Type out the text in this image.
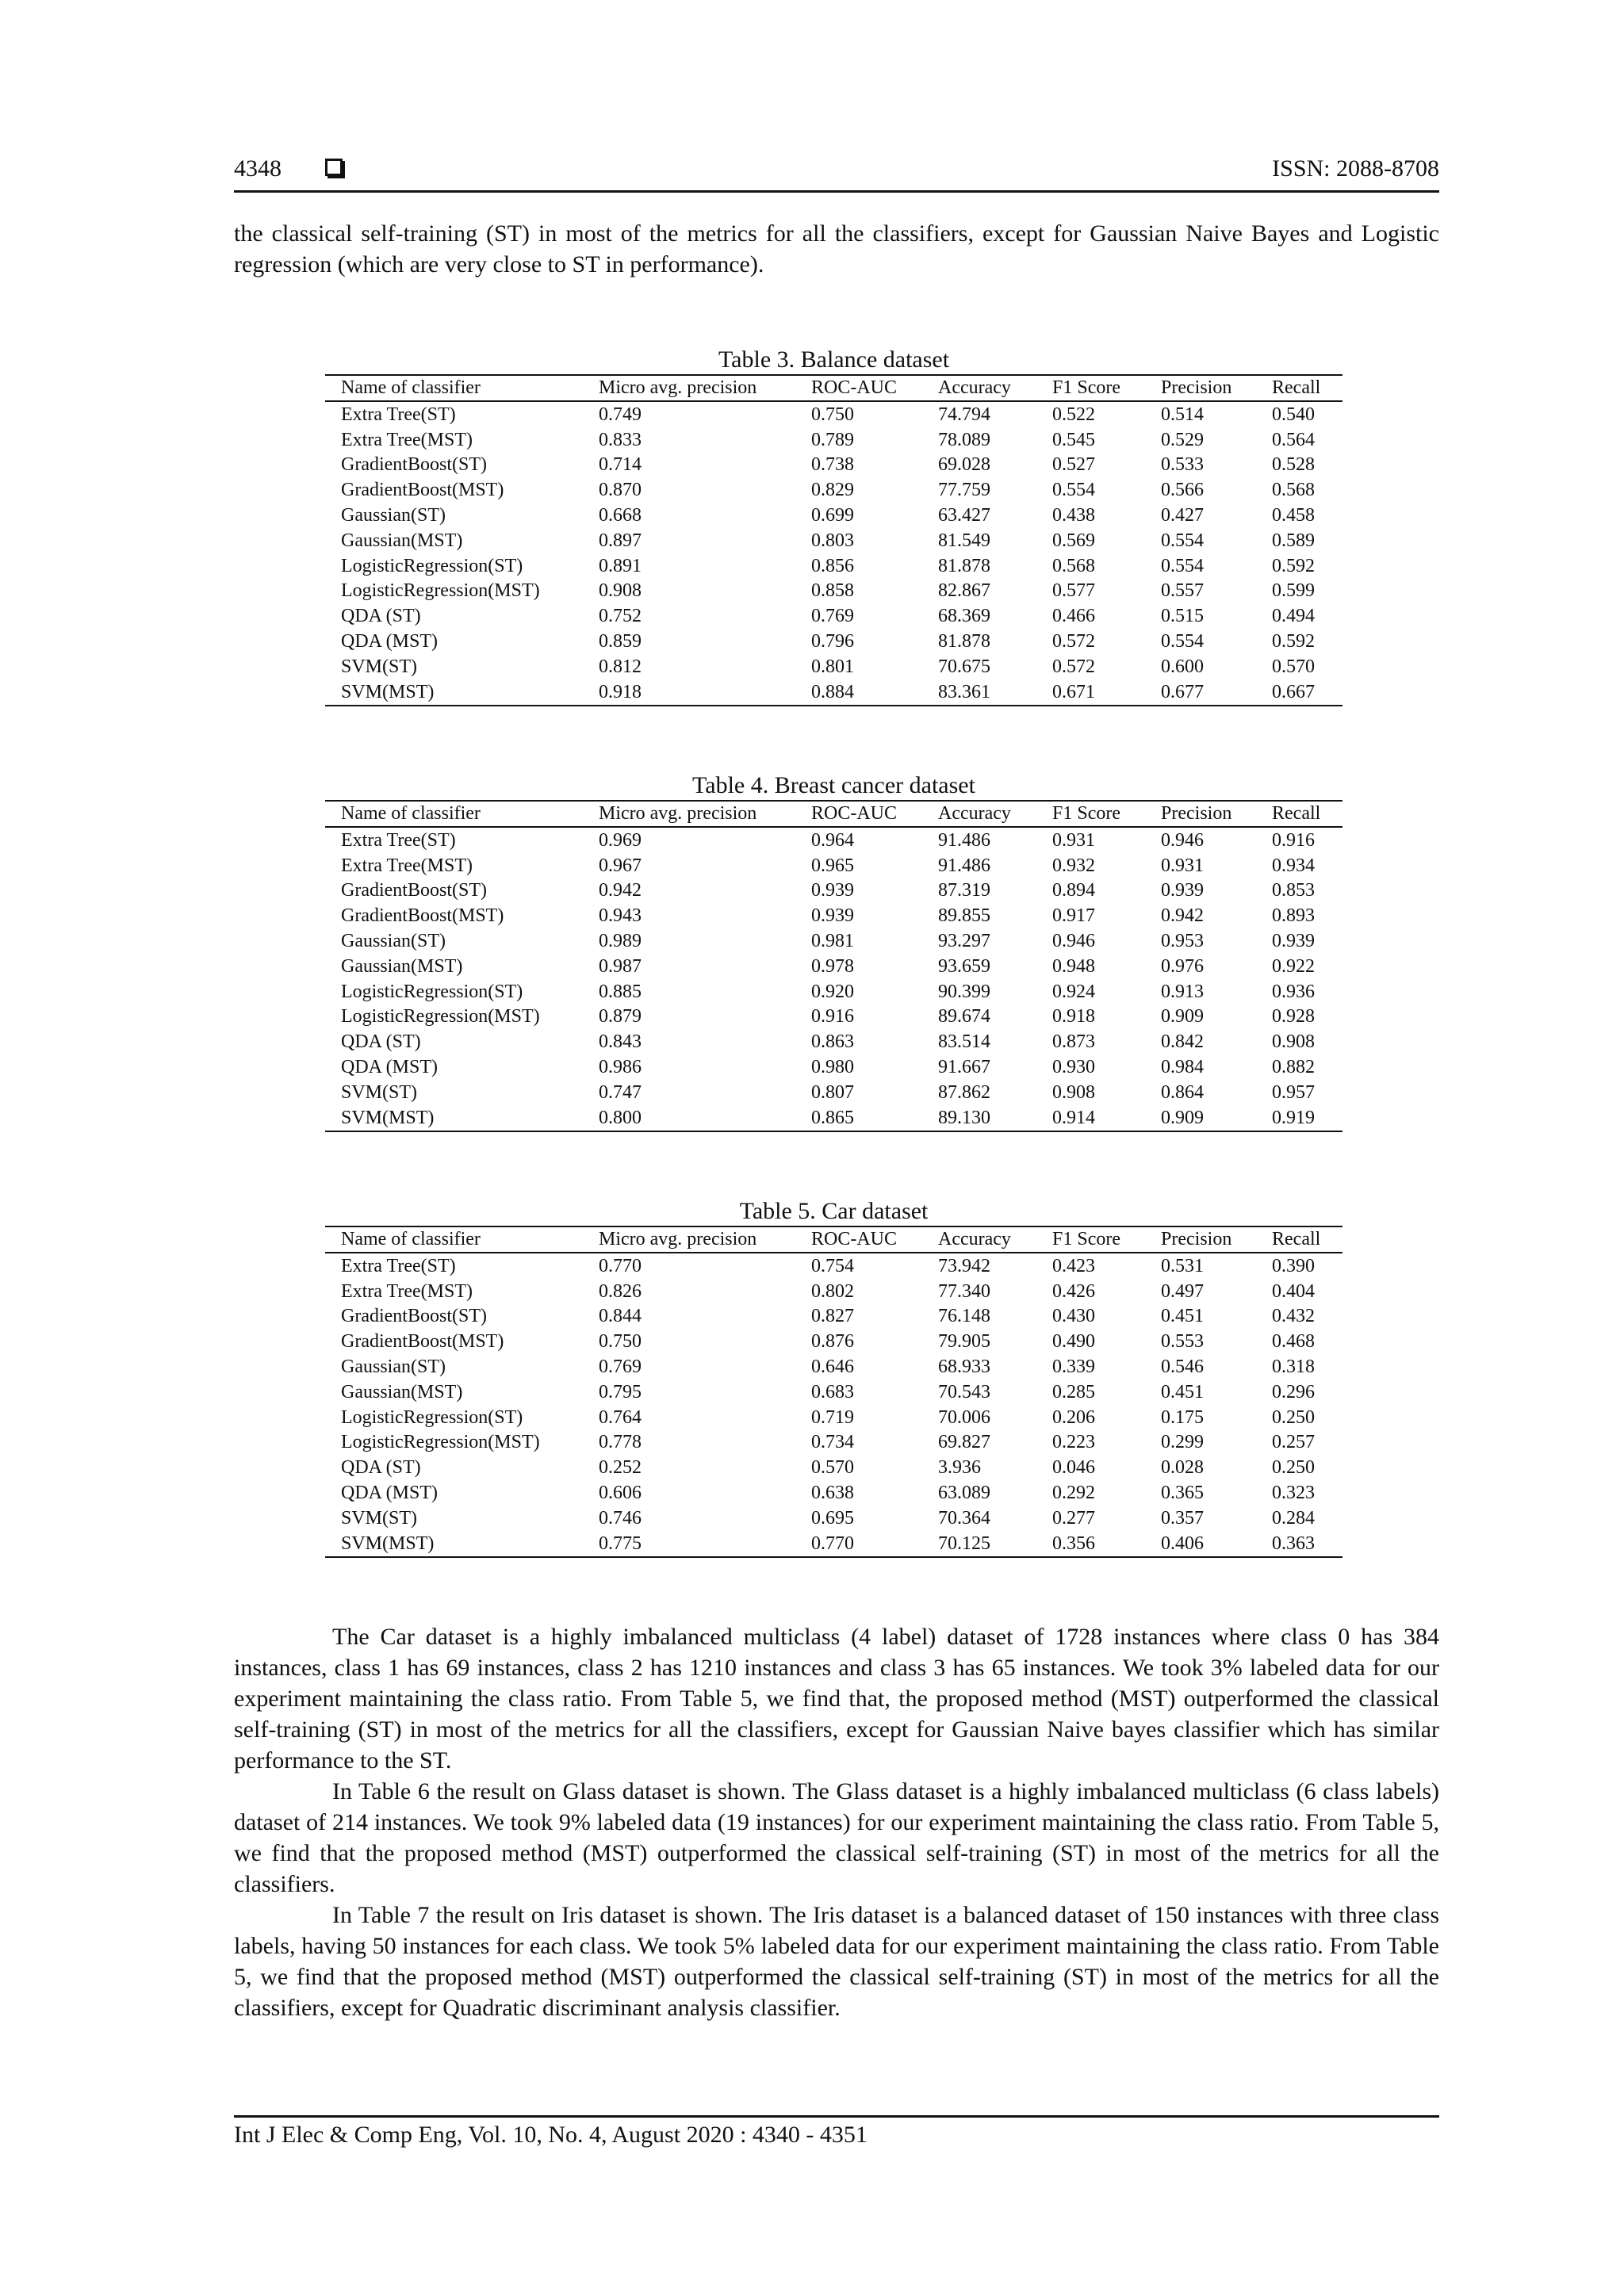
4348	ISSN: 2088-8708

the classical self-training (ST) in most of the metrics for all the classifiers, except for Gaussian Naive Bayes and Logistic regression (which are very close to ST in performance).

Table 3. Balance dataset
Name of classifier	Micro avg. precision	ROC-AUC	Accuracy	F1 Score	Precision	Recall
Extra Tree(ST)	0.749	0.750	74.794	0.522	0.514	0.540
Extra Tree(MST)	0.833	0.789	78.089	0.545	0.529	0.564
GradientBoost(ST)	0.714	0.738	69.028	0.527	0.533	0.528
GradientBoost(MST)	0.870	0.829	77.759	0.554	0.566	0.568
Gaussian(ST)	0.668	0.699	63.427	0.438	0.427	0.458
Gaussian(MST)	0.897	0.803	81.549	0.569	0.554	0.589
LogisticRegression(ST)	0.891	0.856	81.878	0.568	0.554	0.592
LogisticRegression(MST)	0.908	0.858	82.867	0.577	0.557	0.599
QDA (ST)	0.752	0.769	68.369	0.466	0.515	0.494
QDA (MST)	0.859	0.796	81.878	0.572	0.554	0.592
SVM(ST)	0.812	0.801	70.675	0.572	0.600	0.570
SVM(MST)	0.918	0.884	83.361	0.671	0.677	0.667
Table 4. Breast cancer dataset
Name of classifier	Micro avg. precision	ROC-AUC	Accuracy	F1 Score	Precision	Recall
Extra Tree(ST)	0.969	0.964	91.486	0.931	0.946	0.916
Extra Tree(MST)	0.967	0.965	91.486	0.932	0.931	0.934
GradientBoost(ST)	0.942	0.939	87.319	0.894	0.939	0.853
GradientBoost(MST)	0.943	0.939	89.855	0.917	0.942	0.893
Gaussian(ST)	0.989	0.981	93.297	0.946	0.953	0.939
Gaussian(MST)	0.987	0.978	93.659	0.948	0.976	0.922
LogisticRegression(ST)	0.885	0.920	90.399	0.924	0.913	0.936
LogisticRegression(MST)	0.879	0.916	89.674	0.918	0.909	0.928
QDA (ST)	0.843	0.863	83.514	0.873	0.842	0.908
QDA (MST)	0.986	0.980	91.667	0.930	0.984	0.882
SVM(ST)	0.747	0.807	87.862	0.908	0.864	0.957
SVM(MST)	0.800	0.865	89.130	0.914	0.909	0.919
Table 5. Car dataset
Name of classifier	Micro avg. precision	ROC-AUC	Accuracy	F1 Score	Precision	Recall
Extra Tree(ST)	0.770	0.754	73.942	0.423	0.531	0.390
Extra Tree(MST)	0.826	0.802	77.340	0.426	0.497	0.404
GradientBoost(ST)	0.844	0.827	76.148	0.430	0.451	0.432
GradientBoost(MST)	0.750	0.876	79.905	0.490	0.553	0.468
Gaussian(ST)	0.769	0.646	68.933	0.339	0.546	0.318
Gaussian(MST)	0.795	0.683	70.543	0.285	0.451	0.296
LogisticRegression(ST)	0.764	0.719	70.006	0.206	0.175	0.250
LogisticRegression(MST)	0.778	0.734	69.827	0.223	0.299	0.257
QDA (ST)	0.252	0.570	3.936	0.046	0.028	0.250
QDA (MST)	0.606	0.638	63.089	0.292	0.365	0.323
SVM(ST)	0.746	0.695	70.364	0.277	0.357	0.284
SVM(MST)	0.775	0.770	70.125	0.356	0.406	0.363

The Car dataset is a highly imbalanced multiclass (4 label) dataset of 1728 instances where class 0 has 384 instances, class 1 has 69 instances, class 2 has 1210 instances and class 3 has 65 instances. We took 3% labeled data for our experiment maintaining the class ratio. From Table 5, we find that, the proposed method (MST) outperformed the classical self-training (ST) in most of the metrics for all the classifiers, except for Gaussian Naive bayes classifier which has similar performance to the ST.

In Table 6 the result on Glass dataset is shown. The Glass dataset is a highly imbalanced multiclass (6 class labels) dataset of 214 instances. We took 9% labeled data (19 instances) for our experiment maintaining the class ratio. From Table 5, we find that the proposed method (MST) outperformed the classical self-training (ST) in most of the metrics for all the classifiers.

In Table 7 the result on Iris dataset is shown. The Iris dataset is a balanced dataset of 150 instances with three class labels, having 50 instances for each class. We took 5% labeled data for our experiment maintaining the class ratio. From Table 5, we find that the proposed method (MST) outperformed the classical self-training (ST) in most of the metrics for all the classifiers, except for Quadratic discriminant analysis classifier.

Int J Elec & Comp Eng, Vol. 10, No. 4, August 2020 : 4340 - 4351
